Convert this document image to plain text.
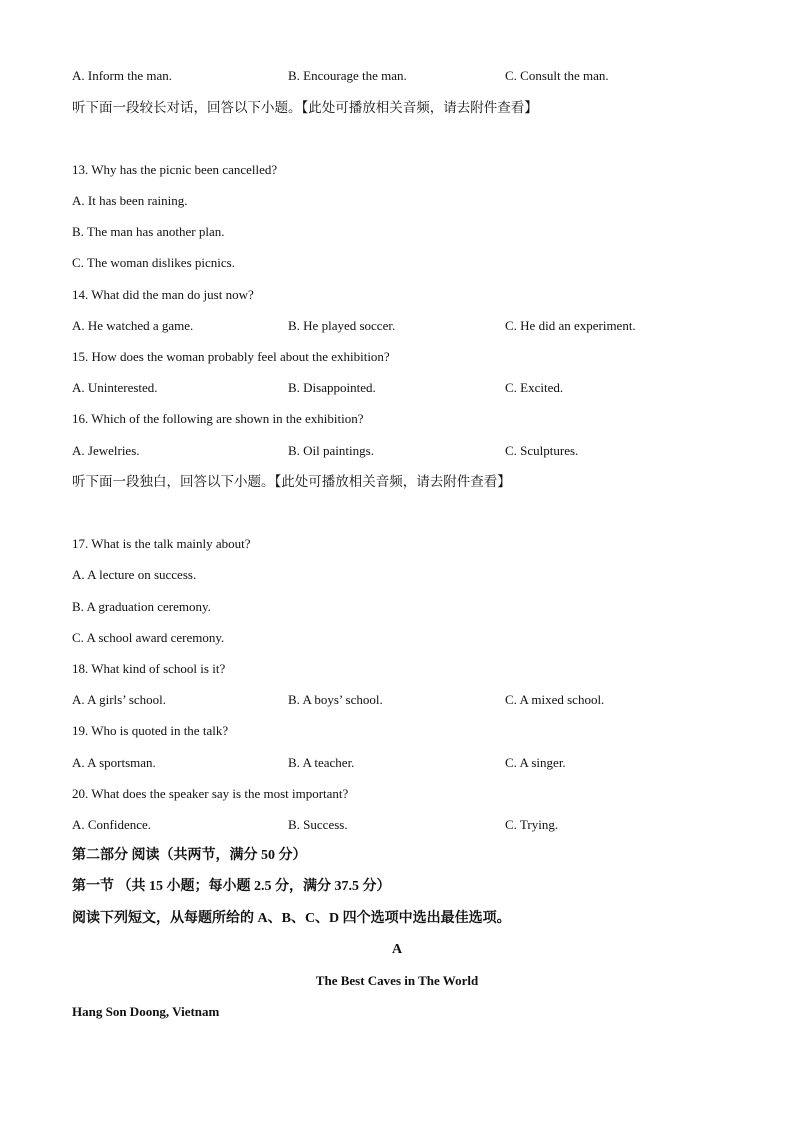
A. Inform the man.	B. Encourage the man.	C. Consult the man.
听下面一段较长对话，回答以下小题。【此处可播放相关音频，请去附件查看】
13. Why has the picnic been cancelled?
A. It has been raining.
B. The man has another plan.
C. The woman dislikes picnics.
14. What did the man do just now?
A. He watched a game.	B. He played soccer.	C. He did an experiment.
15. How does the woman probably feel about the exhibition?
A. Uninterested.	B. Disappointed.	C. Excited.
16. Which of the following are shown in the exhibition?
A. Jewelries.	B. Oil paintings.	C. Sculptures.
听下面一段独白，回答以下小题。【此处可播放相关音频，请去附件查看】
17. What is the talk mainly about?
A. A lecture on success.
B. A graduation ceremony.
C. A school award ceremony.
18. What kind of school is it?
A. A girls’ school.	B. A boys’ school.	C. A mixed school.
19. Who is quoted in the talk?
A. A sportsman.	B. A teacher.	C. A singer.
20. What does the speaker say is the most important?
A. Confidence.	B. Success.	C. Trying.
第二部分 阅读（共两节，满分 50 分）
第一节 （共 15 小题；每小题 2.5 分，满分 37.5 分）
阅读下列短文，从每题所给的 A、B、C、D 四个选项中选出最佳选项。
A
The Best Caves in The World
Hang Son Doong, Vietnam
